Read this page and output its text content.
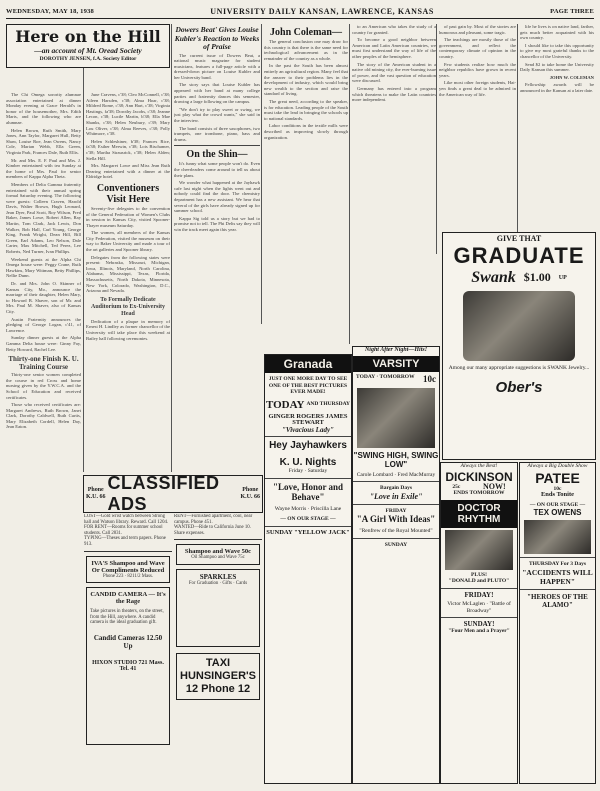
WEDNESDAY, MAY 18, 1938	UNIVERSITY DAILY KANSAN, LAWRENCE, KANSAS	PAGE THREE
Here on the Hill
—an account of Mt. Oread Society
DOROTHY JENSEN, f.A. Society Editor

The Chi Omega sorority alumnae association entertained at dinner Monday evening at Grace Herald's in honor of the housemother, Mrs. Edith Marts, and the following who are alumnae.

Helen Brown, Ruth Smith, Mary Jones, Ann Taylor, Margaret Hull, Betty Shaw, Louise Roe, Jean Owens, Nancy Cole, Marian Webb, Ella Green, Virginia Park, Frances Dale, Ruth Ellis.

Mr. and Mrs. E. F. Paul and Mrs. J. Kimber entertained with tea Sunday at the home of Mrs. Paul for senior members of Kappa Alpha Theta.

Members of Delta Gamma fraternity entertained with their annual spring formal Saturday evening. The following were guests: Colleen Craven, Harold Davis, Walter Brown, Hugh Leonard, Jean Dyer, Paul Scott, Roy Wilson, Fred Baker, James Lowe, Robert Allen, Ray Martin, Tom Clark, Jack Lewis, Don Walker, Bob Hall, Carl Young, George King, Frank Wright, Dean Hill, Bill Green, Earl Adams, Leo Nelson, Dale Carter, Max Mitchell, Ted Perez, Lee Roberts, Ned Turner, Ivan Phillips.

Weekend guests at the Alpha Chi Omega house were: Peggy Crane, Ruth Hawkins, Mary Wittman, Betty Phillips, Nellie Dunn.

Dr. and Mrs. John O. Skinner of Kansas City, Mo., announce the marriage of their daughter, Helen Mary, to Howard B. Shaver, son of Mr. and Mrs. Paul M. Shaver, also of Kansas City.

Austin Fraternity announces the pledging of George Logan, c'41, of Lawrence.

Sunday dinner guests at the Alpha Gamma Delta house were: Ginny Fay, Betty Howard, Rachel Lee.

Thirty-one Finish K. U. Training Course

Thirty-one senior women completed the course in red Cross and home nursing given by the Y.W.C.A. and the School of Education and received certificates.

Those who received certificates are: Margaret Andrews, Ruth Brown, Janet Clark, Dorothy Caldwell, Ruth Curtis, Mary Elizabeth Cordell, Helen Day, Jean Eaton.

June Cravens, c'38; Cleo McConnell, c'38; Aileen Harsden, c'38; Alma Hoar, c'38; Mildred Rome, c'38; Ann Hart, c'38; Virginia Hastings, fa'38; Dorothy Jacobs, c'38; Jeanne Lecon, c'38; Lucile Martin, b'38; Ella Mae Shanks, c'38; Helen Neubury, c'39; Mary Lou Oliver, c'38; Alma Reeves, c'38; Polly Whitmore, c'38.

Helen Schleshiner, b'38; Frances Rice, fa'38; Esther Merwin, c'38; Lois Bischamer, c'38; Martha Strausrick, c'38; Helen Alden; Stella Hill.

Mrs. Margaret Lowe and Miss Jean Ruth Dearing entertained with a dinner at the Eldridge hotel.

Conventioners Visit Here

Seventy-five delegates to the convention of the General Federation of Women's Clubs in session in Kansas City, visited Spooner-Thayer museum Saturday.

The women, all members of the Kansas City Federation, visited the museum on their way to Baker University and made a tour of the art galleries and Spooner library.

Delegates from the following states were present: Nebraska, Missouri, Michigan, Iowa, Illinois, Maryland, North Carolina, Alabama, Mississippi, Texas, Florida, Massachusetts, North Dakota, Minnesota, New York, Colorado, Washington, D.C., Arizona and Nevada.

To Formally Dedicate Auditorium to Ex-University Head

Dedication of a plaque in memory of Ernest H. Lindley as former chancellor of the University will take place this weekend at Bailey hall following ceremonies.

Dowers Beat' Gives Louise Kubler's Reaction to Weeks of Praise

The current issue of Dowers Beat, a national music magazine for student musicians, features a full-page article with a dressed-down picture on Louise Kubler and her University band.

The story says that Louise Kubler has appeared with her band at many college parties and fraternity dances this semester, drawing a large following on the campus.

"We don't try to play sweet or swing, we just play what the crowd wants," she said in the interview.

The band consists of three saxophones, two trumpets, one trombone, piano, bass and drums.

On the Shin—

It's funny what some people won't do. Even the cheerleaders come around to tell us about their plans.

We wonder what happened at the Jayhawk cafe last night when the lights went out and nobody could find the door. The chemistry department has a new assistant. We hear that several of the girls have already signed up for summer school.

Kappa Sig told us a story but we had to promise not to tell. The Phi Delts say they will win the track meet again this year.

John Coleman—

The general conclusion one may draw for this country is that there is the same need for technological advancement as in the remainder of the country as a whole.

In the past the South has been almost entirely an agricultural region. Many feel that the answer to their problems lies in the development of industry, which would bring new wealth to the section and raise the standard of living.

The great need, according to the speaker, is for education. Leading people of the South must take the lead in bringing the schools up to national standards.

Labor conditions in the textile mills were described as improving slowly through organization.

to an American who takes the study of a country for granted.

To become a good neighbor between American and Latin American countries, we must first understand the way of life of the other peoples of the hemisphere.

The story of the American student in a native old mining city, the ever-burning issue of power, and the vast question of education were discussed.

Germany has entered into a program which threatens to make the Latin countries more independent.

of past gain by. Most of the stories are humorous and pleasant, some tragic.

The teachings are mostly those of the government, and reflect the contemporary climate of opinion in the country.

Few students realize how much the neighbor republics have grown in recent years.

Like most other foreign students, Hai-yen finds a great deal to be admired in the American way of life.

life he lives is on native land, farther, gets much better acquainted with his own country.

I should like to take this opportunity to give my most grateful thanks to the chancellor of the University.

Send $2 to take home the University Daily Kansan this summer.

JOHN W. COLEMAN

Fellowship awards will be announced in the Kansan at a later date.

Phone K.U. 66
CLASSIFIED ADS
Phone K.U. 66
LOST—Gold wrist watch between Strong hall and Watson library. Reward. Call 1204.
FOR RENT—Rooms for summer school students. Call 2831.
TYPING—Theses and term papers. Phone 913.
IVA'S Shampoo and Wave Or Compliments Reduced
Phone 223 · 8211/2 Mass.
CANDID CAMERA — It's the Rage
Take pictures in theaters, on the street, from the Hill, anywhere. A candid camera is the ideal graduation gift.
Candid Cameras 12.50 Up
HIXON STUDIO 721 Mass. Tel. 41
RENT—Furnished apartment, cool, near campus. Phone 451.
WANTED—Ride to California June 10. Share expenses.
Shampoo and Wave 50c
Oil Shampoo and Wave 75c
SPARKLES
For Graduation · Gifts · Cards
TAXI HUNSINGER'S 12 Phone 12
Granada
JUST ONE MORE DAY TO SEE ONE OF THE BEST PICTURES EVER MADE!
TODAY AND THURSDAY
GINGER ROGERS JAMES STEWART
"Vivacious Lady"
Hey Jayhawkers
K. U. Nights
Friday · Saturday
"Love, Honor and Behave"
Wayne Morris · Priscilla Lane
— ON OUR STAGE —
SUNDAY "YELLOW JACK"
Night After Night—Hits!
VARSITY
TODAY · TOMORROW 10c
"SWING HIGH, SWING LOW"
Carole Lombard · Fred MacMurray
Bargain Days
"Love in Exile"
FRIDAY
"A Girl With Ideas"
"Renfrew of the Royal Mounted"
SUNDAY
GIVE THAT
GRADUATE
Swank $1.00 UP
Among our many appropriate suggestions is SWANK Jewelry...
Ober's
Always the Best!
DICKINSON
25c	NOW!
ENDS TOMORROW
DOCTOR RHYTHM
PLUS!
"DONALD and PLUTO"
FRIDAY!
Victor McLaglen · "Battle of Broadway"
SUNDAY!
"Four Men and a Prayer"
Always a Big Double Show
PATEE
10c
Ends Tonite
— ON OUR STAGE —
TEX OWENS
THURSDAY For 3 Days
"ACCIDENTS WILL HAPPEN"
"HEROES OF THE ALAMO"
